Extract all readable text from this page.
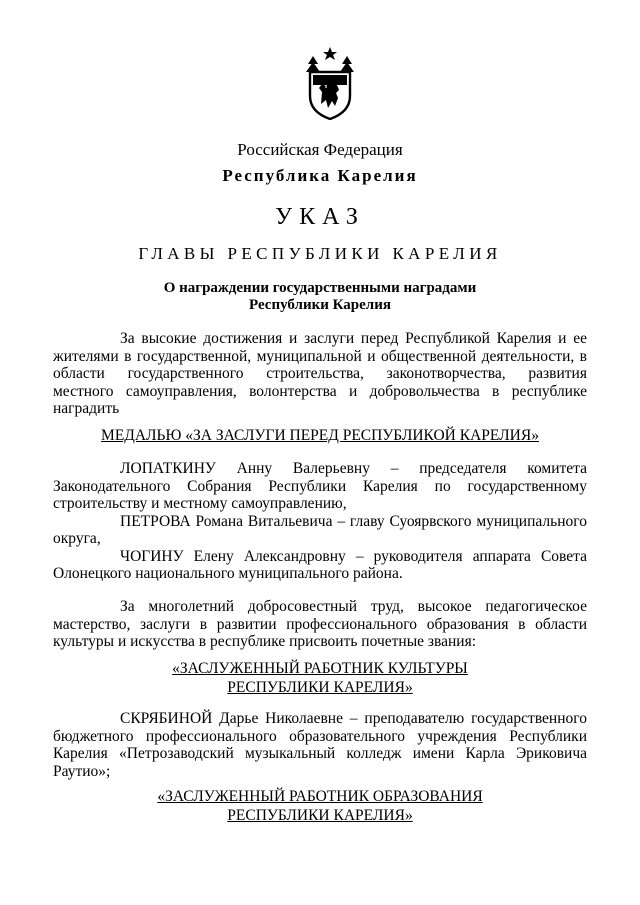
Российская Федерация
Республика Карелия
УКАЗ
ГЛАВЫ РЕСПУБЛИКИ КАРЕЛИЯ
О награждении государственными наградами
Республики Карелия
За высокие достижения и заслуги перед Республикой Карелия и ее
жителями в государственной, муниципальной и общественной деятельности, в
области государственного строительства, законотворчества, развития
местного самоуправления, волонтерства и добровольчества в республике
наградить
МЕДАЛЬЮ «ЗА ЗАСЛУГИ ПЕРЕД РЕСПУБЛИКОЙ КАРЕЛИЯ»
ЛОПАТКИНУ Анну Валерьевну – председателя комитета
Законодательного Собрания Республики Карелия по государственному
строительству и местному самоуправлению,
ПЕТРОВА Романа Витальевича – главу Суоярвского муниципального
округа,
ЧОГИНУ Елену Александровну – руководителя аппарата Совета
Олонецкого национального муниципального района.
За многолетний добросовестный труд, высокое педагогическое
мастерство, заслуги в развитии профессионального образования в области
культуры и искусства в республике присвоить почетные звания:
«ЗАСЛУЖЕННЫЙ РАБОТНИК КУЛЬТУРЫ
РЕСПУБЛИКИ КАРЕЛИЯ»
СКРЯБИНОЙ Дарье Николаевне – преподавателю государственного
бюджетного профессионального образовательного учреждения Республики
Карелия «Петрозаводский музыкальный колледж имени Карла Эриковича
Раутио»;
«ЗАСЛУЖЕННЫЙ РАБОТНИК ОБРАЗОВАНИЯ
РЕСПУБЛИКИ КАРЕЛИЯ»
